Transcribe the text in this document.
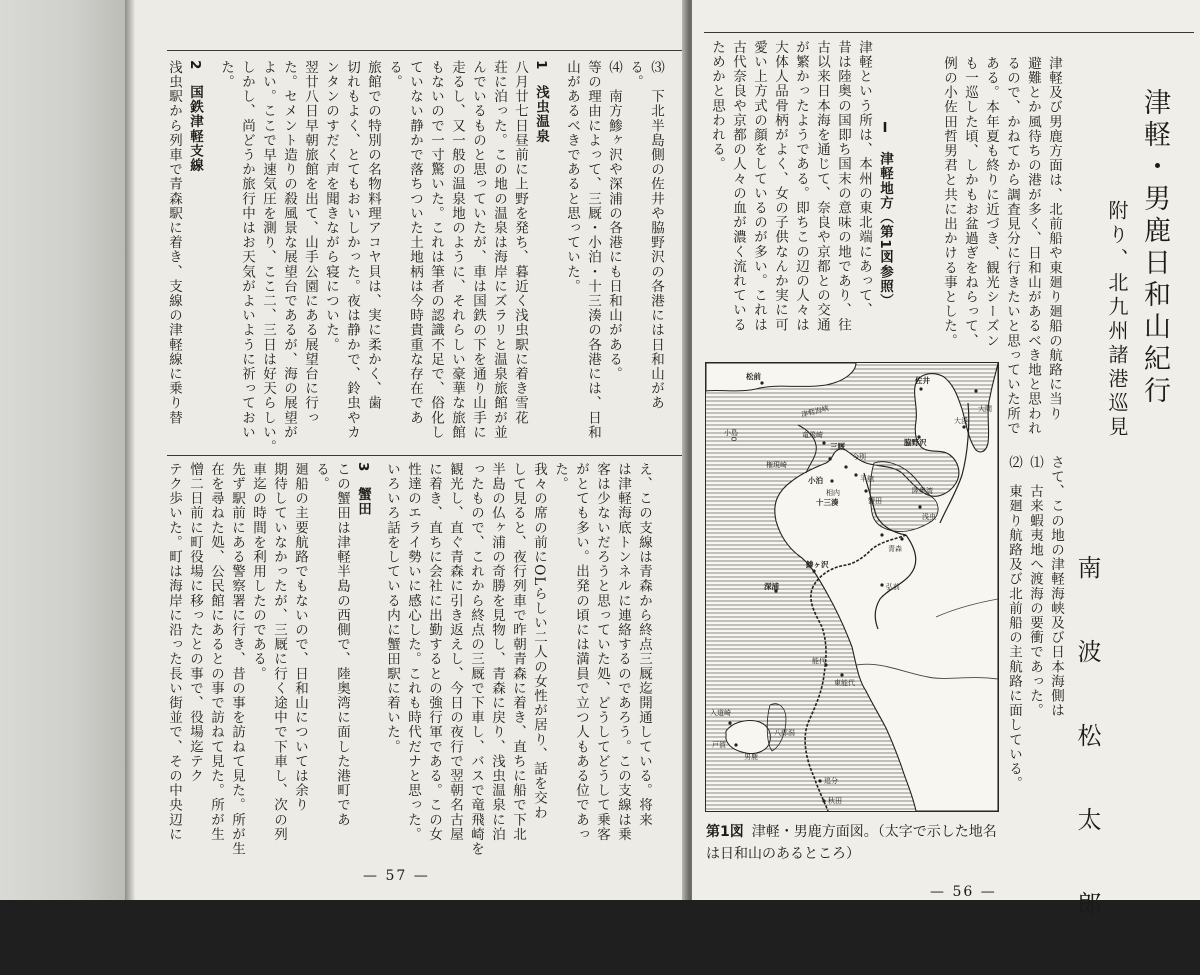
⑶　下北半島側の佐井や脇野沢の各港には日和山があ
る。
⑷　南方鯵ヶ沢や深浦の各港にも日和山がある。
等の理由によって、三厩・小泊・十三湊の各港には、日和
山があるべきであると思っていた。
1　浅虫温泉
八月廿七日昼前に上野を発ち、暮近く浅虫駅に着き雪花
荘に泊った。この地の温泉は海岸にズラリと温泉旅館が並
んでいるものと思っていたが、車は国鉄の下を通り山手に
走るし、又一般の温泉地のように、それらしい豪華な旅館
もないので一寸驚いた。これは筆者の認識不足で、俗化し
ていない静かで落ちついた土地柄は今時貴重な存在であ
る。
旅館での特別の名物料理アコヤ貝は、実に柔かく、歯
切れもよく、とてもおいしかった。夜は静かで、鈴虫やカ
ンタンのすだく声を聞きながら寝についた。
翌廿八日早朝旅館を出て、山手公園にある展望台に行っ
た。セメント造りの殺風景な展望台であるが、海の展望が
よい。ここで早速気圧を測り、ここ二、三日は好天らしい。
しかし、尚どうか旅行中はお天気がよいように祈っておい
た。
2　国鉄津軽支線
浅虫駅から列車で青森駅に着き、支線の津軽線に乗り替
え、この支線は青森から終点三厩迄開通している。将来
は津軽海底トンネルに連絡するのであろう。この支線は乗
客は少ないだろうと思っていた処、どうしてどうして乗客
がとても多い。出発の頃には満員で立つ人もある位であっ
た。
我々の席の前にOLらしい二人の女性が居り、話を交わ
して見ると、夜行列車で昨朝青森に着き、直ちに船で下北
半島の仏ヶ浦の奇勝を見物し、青森に戻り、浅虫温泉に泊
ったもので、これから終点の三厩で下車し、バスで竜飛崎を
観光し、直ぐ青森に引き返えし、今日の夜行で翌朝名古屋
に着き、直ちに会社に出勤するとの強行軍である。この女
性達のエライ勢いに感心した。これも時代だナと思った。
いろいろ話をしている内に蟹田駅に着いた。
3　蟹田
この蟹田は津軽半島の西側で、陸奥湾に面した港町であ
る。
廻船の主要航路でもないので、日和山については余り
期待していなかったが、三厩に行く途中で下車し、次の列
車迄の時間を利用したのである。
先ず駅前にある警察署に行き、昔の事を訪ねて見た。所が生
在を尋ねた処、公民館にあるとの事で訪ねて見た。所が生
憎二日前に町役場に移ったとの事で、役場迄テク
テク歩いた。町は海岸に沿った長い街並で、その中央辺に
— 57 —
津軽・男鹿日和山紀行
附り、北九州諸港巡見
津軽及び男鹿方面は、北前船や東廻り廻船の航路に当り
避難とか風待ちの港が多く、日和山があるべき地と思われ
るので、かねてから調査見分に行きたいと思っていた所で
ある。本年夏も終りに近づき、観光シーズン
も一巡した頃、しかもお盆過ぎをねらって、
例の小佐田哲男君と共に出かける事とした。
Ⅰ　津軽地方（第1図参照）
津軽という所は、本州の東北端にあって、
昔は陸奥の国即ち国末の意味の地であり、往
古以来日本海を通じて、奈良や京都との交通
が繁かったようである。即ちこの辺の人々は
大体人品骨柄がよく、女の子供なんか実に可
愛い上方式の顔をしているのが多い。これは
古代奈良や京都の人々の血が濃く流れている
ためかと思われる。
南波松太郎
さて、この地の津軽海峡及び日本海側は
⑴　古来蝦夷地へ渡海の要衝であった。
⑵　東廻り航路及び北前船の主航路に面している。
松前	佐井
大間
大湊
脇野沢
津軽海峡
陸奥湾
竜飛崎
小島
三厩
今別
権現崎
小泊	平舘
相内
十三湊	蟹田
浅虫
青森
鯵ヶ沢
弘前
深浦
能代
東能代
入道崎
戸賀
男鹿
追分
秋田
八郎潟
第1図 津軽・男鹿方面図。（太字で示した地名
は日和山のあるところ）
— 56 —
